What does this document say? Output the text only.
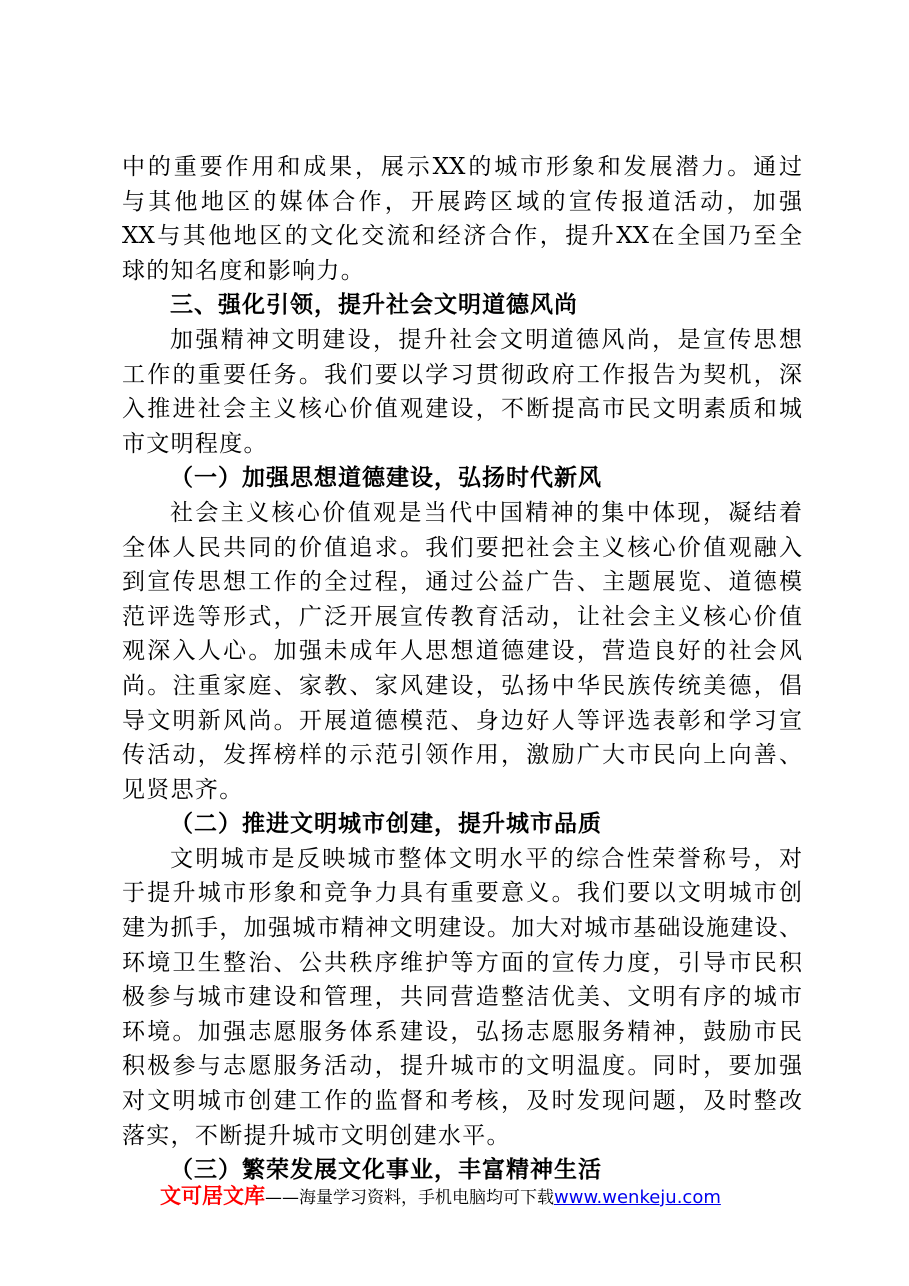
中的重要作用和成果，展示XX的城市形象和发展潜力。通过
与其他地区的媒体合作，开展跨区域的宣传报道活动，加强
XX与其他地区的文化交流和经济合作，提升XX在全国乃至全
球的知名度和影响力。
三、强化引领，提升社会文明道德风尚
加强精神文明建设，提升社会文明道德风尚，是宣传思想
工作的重要任务。我们要以学习贯彻政府工作报告为契机，深
入推进社会主义核心价值观建设，不断提高市民文明素质和城
市文明程度。
（一）加强思想道德建设，弘扬时代新风
社会主义核心价值观是当代中国精神的集中体现，凝结着
全体人民共同的价值追求。我们要把社会主义核心价值观融入
到宣传思想工作的全过程，通过公益广告、主题展览、道德模
范评选等形式，广泛开展宣传教育活动，让社会主义核心价值
观深入人心。加强未成年人思想道德建设，营造良好的社会风
尚。注重家庭、家教、家风建设，弘扬中华民族传统美德，倡
导文明新风尚。开展道德模范、身边好人等评选表彰和学习宣
传活动，发挥榜样的示范引领作用，激励广大市民向上向善、
见贤思齐。
（二）推进文明城市创建，提升城市品质
文明城市是反映城市整体文明水平的综合性荣誉称号，对
于提升城市形象和竞争力具有重要意义。我们要以文明城市创
建为抓手，加强城市精神文明建设。加大对城市基础设施建设、
环境卫生整治、公共秩序维护等方面的宣传力度，引导市民积
极参与城市建设和管理，共同营造整洁优美、文明有序的城市
环境。加强志愿服务体系建设，弘扬志愿服务精神，鼓励市民
积极参与志愿服务活动，提升城市的文明温度。同时，要加强
对文明城市创建工作的监督和考核，及时发现问题，及时整改
落实，不断提升城市文明创建水平。
（三）繁荣发展文化事业，丰富精神生活
文可居文库——海量学习资料，手机电脑均可下载www.wenkeju.com
